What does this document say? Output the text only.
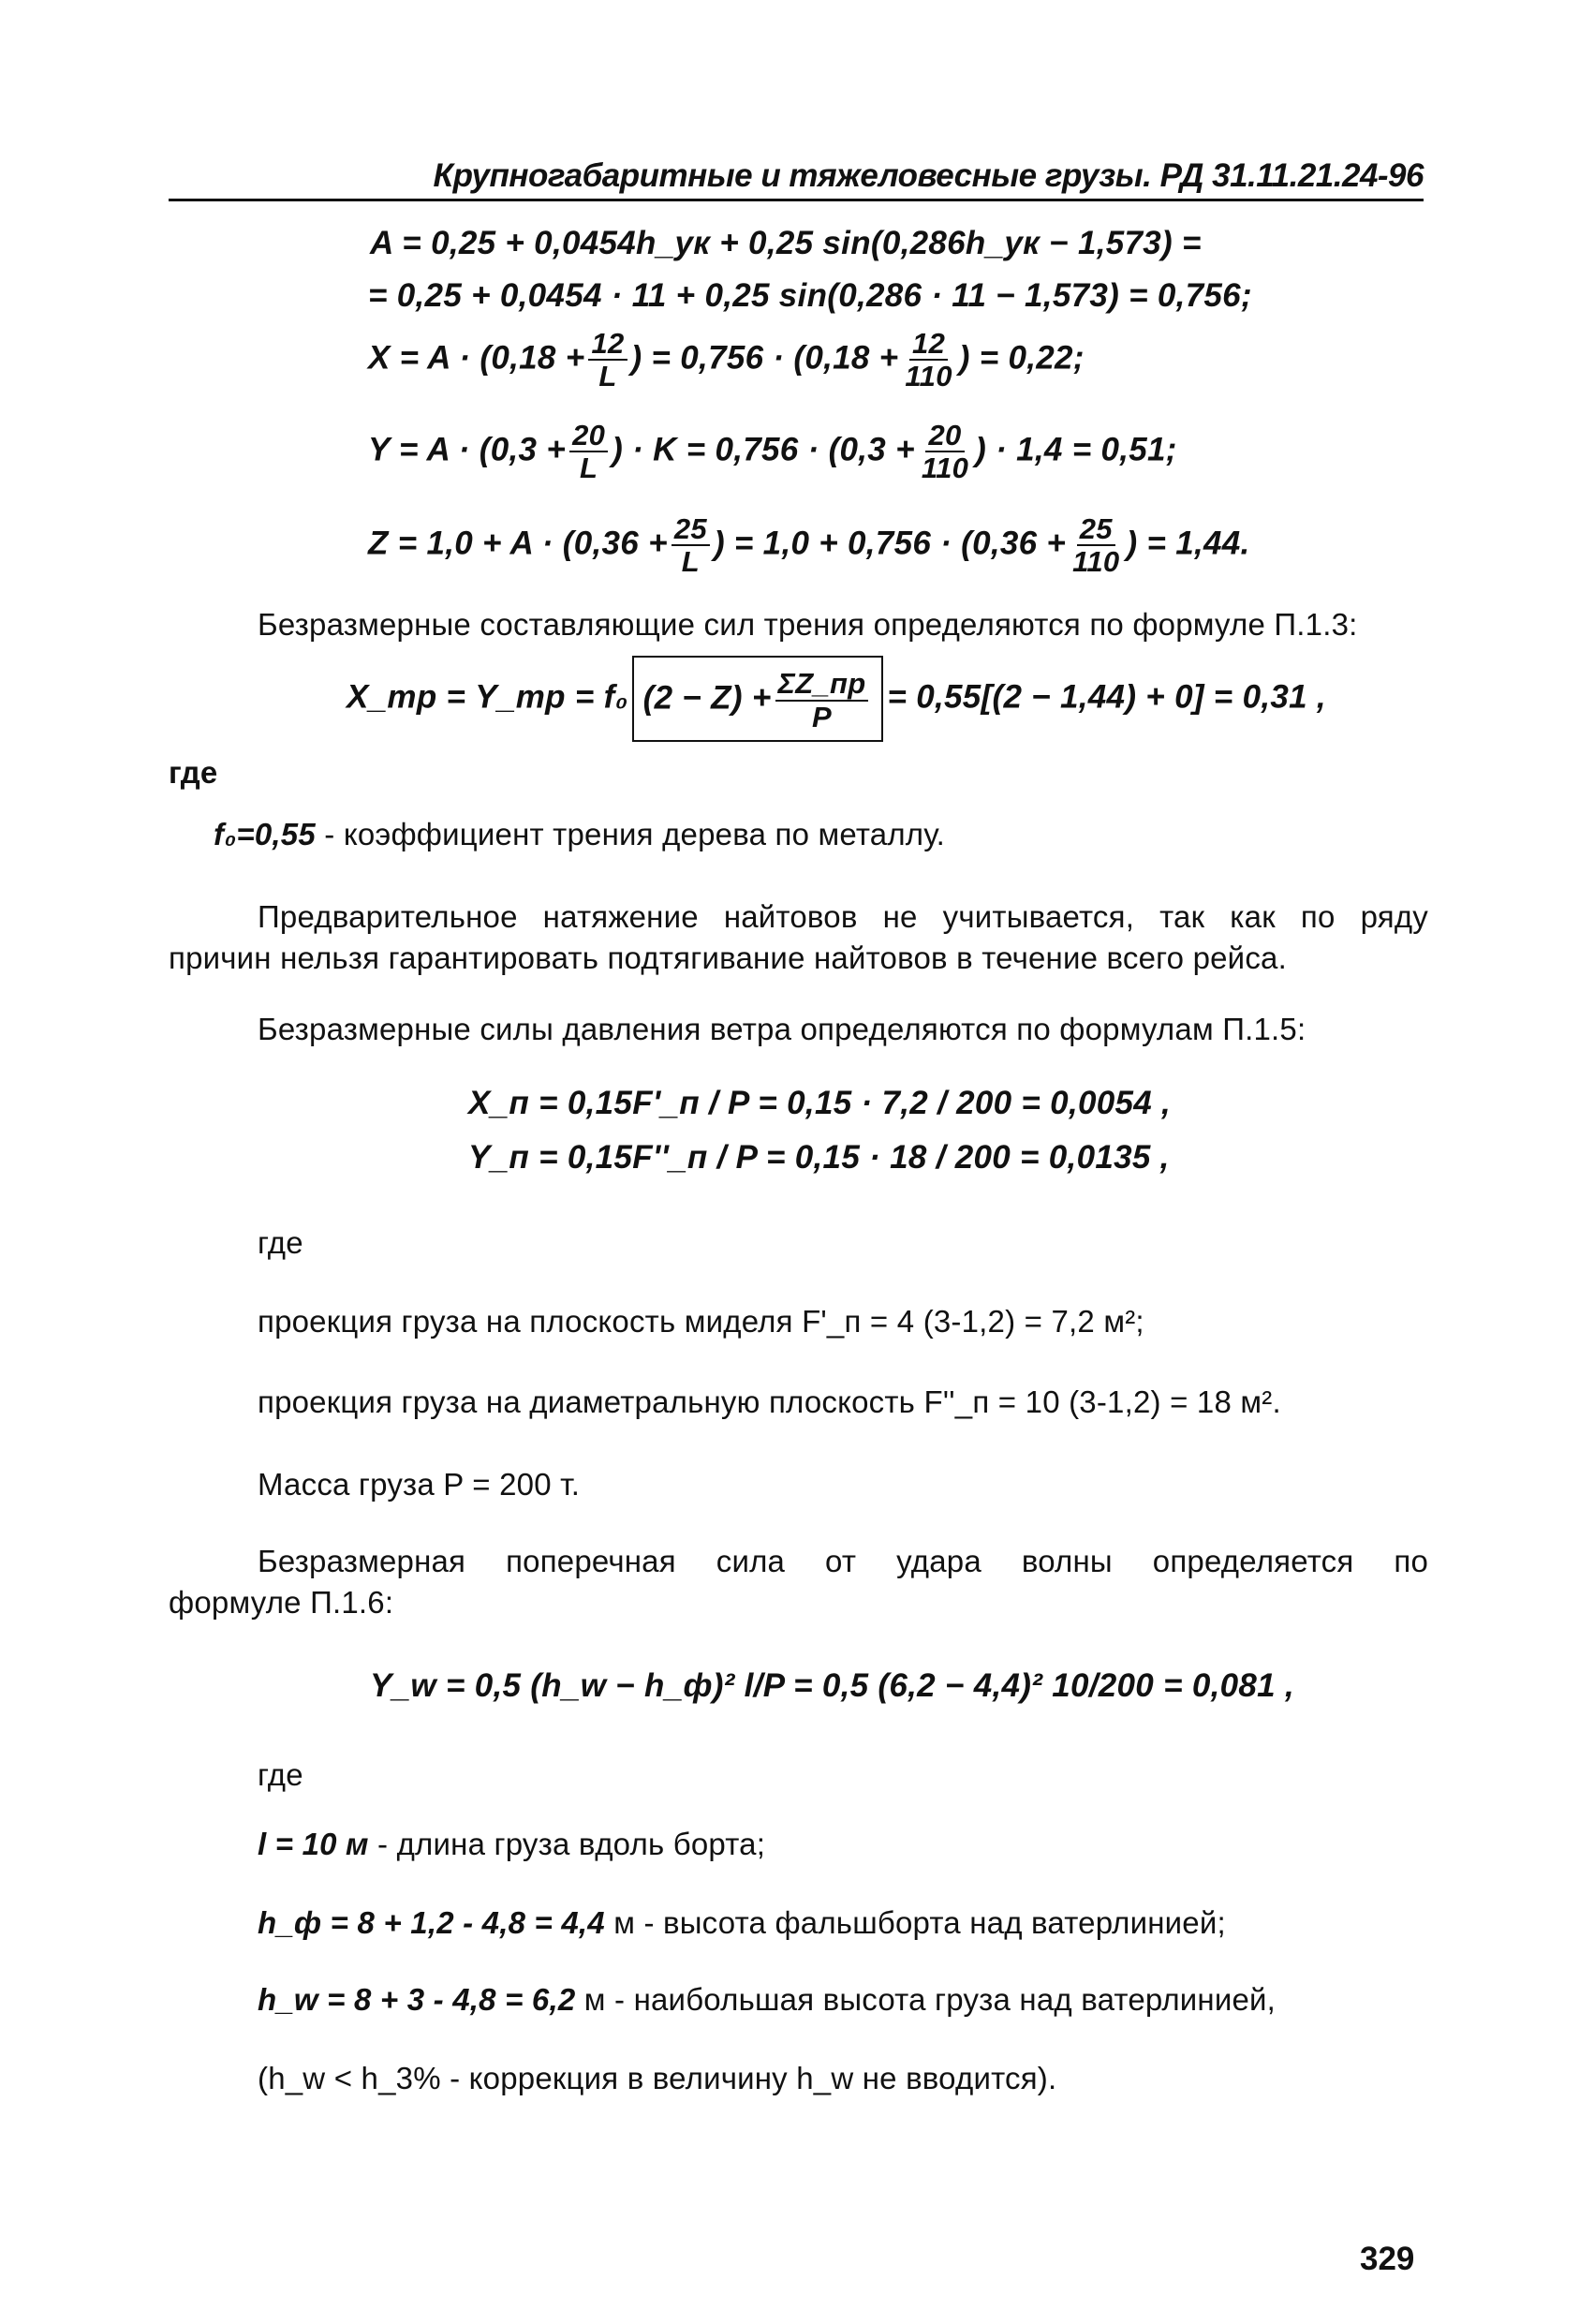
Крупногабаритные и тяжеловесные грузы. РД 31.11.21.24-96
A = 0,25 + 0,0454h_ук + 0,25 sin(0,286h_ук − 1,573) =
= 0,25 + 0,0454 · 11 + 0,25 sin(0,286 · 11 − 1,573) = 0,756;
$X = A \cdot (0,18 + \frac{12}{L}$ ) = $0,756 \cdot (0,18 + \frac{12}{110}$ ) = 0,22;
$Y = A \cdot (0,3 + \frac{20}{L}$ ) · $K = 0,756 \cdot (0,3 + \frac{20}{110}$ ) · 1,4 = 0,51;
$Z = 1,0 + A \cdot (0,36 + \frac{25}{L}$ ) = $1,0 + 0,756 \cdot (0,36 + \frac{25}{110}$ ) = 1,44.
Безразмерные составляющие сил трения определяются по формуле П.1.3:
X_тр = Y_тр = f₀ $(2 - Z) + \frac{\Sigma Z\_пр}{P} = 0,55[(2 - 1,44) + 0] = 0,31$ ,
где
f₀=0,55 - коэффициент трения дерева по металлу.
Предварительное натяжение найтовов не учитывается, так как по ряду
причин нельзя гарантировать подтягивание найтовов в течение всего рейса.
Безразмерные силы давления ветра определяются по формулам П.1.5:
X_п = 0,15F'_п / P = 0,15 · 7,2 / 200 = 0,0054 ,
Y_п = 0,15F''_п / P = 0,15 · 18 / 200 = 0,0135 ,
где
проекция груза на плоскость миделя F'_п = 4 (3-1,2) = 7,2 м²;
проекция груза на диаметральную плоскость F''_п = 10 (3-1,2) = 18 м².
Масса груза P = 200 т.
Безразмерная поперечная сила от удара волны определяется по
формуле П.1.6:
Y_w = 0,5 (h_w − h_ф)² l/P = 0,5 (6,2 − 4,4)² 10/200 = 0,081 ,
где
l = 10 м - длина груза вдоль борта;
h_ф = 8 + 1,2 - 4,8 = 4,4 м - высота фальшборта над ватерлинией;
h_w = 8 + 3 - 4,8 = 6,2 м - наибольшая высота груза над ватерлинией,
(h_w < h_3% - коррекция в величину h_w не вводится).
329
